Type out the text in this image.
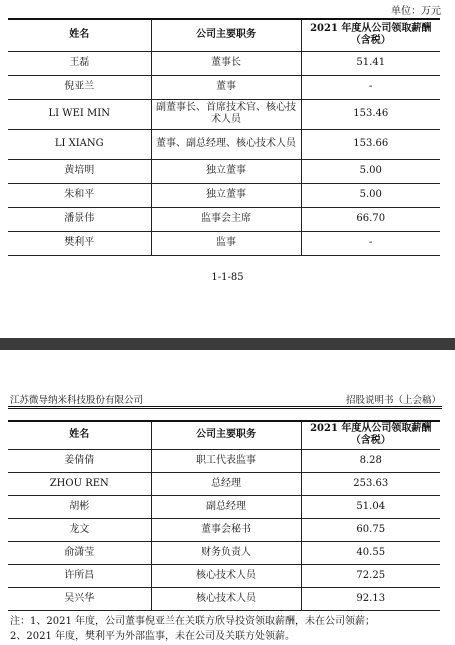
单位：万元
姓名	公司主要职务	2021 年度从公司领取薪酬（含税）
王磊	董事长	51.41
倪亚兰	董事	-
LI WEI MIN	副董事长、首席技术官、核心技术人员	153.46
LI XIANG	董事、副总经理、核心技术人员	153.66
黄培明	独立董事	5.00
朱和平	独立董事	5.00
潘景伟	监事会主席	66.70
樊利平	监事	-
1-1-85
江苏微导纳米科技股份有限公司	招股说明书（上会稿）
姓名	公司主要职务	2021 年度从公司领取薪酬（含税）
姜倩倩	职工代表监事	8.28
ZHOU REN	总经理	253.63
胡彬	副总经理	51.04
龙文	董事会秘书	60.75
俞潇莹	财务负责人	40.55
许所昌	核心技术人员	72.25
吴兴华	核心技术人员	92.13
注：1、2021 年度，公司董事倪亚兰在关联方欣导投资领取薪酬，未在公司领薪；
2、2021 年度，樊利平为外部监事，未在公司及关联方处领薪。
